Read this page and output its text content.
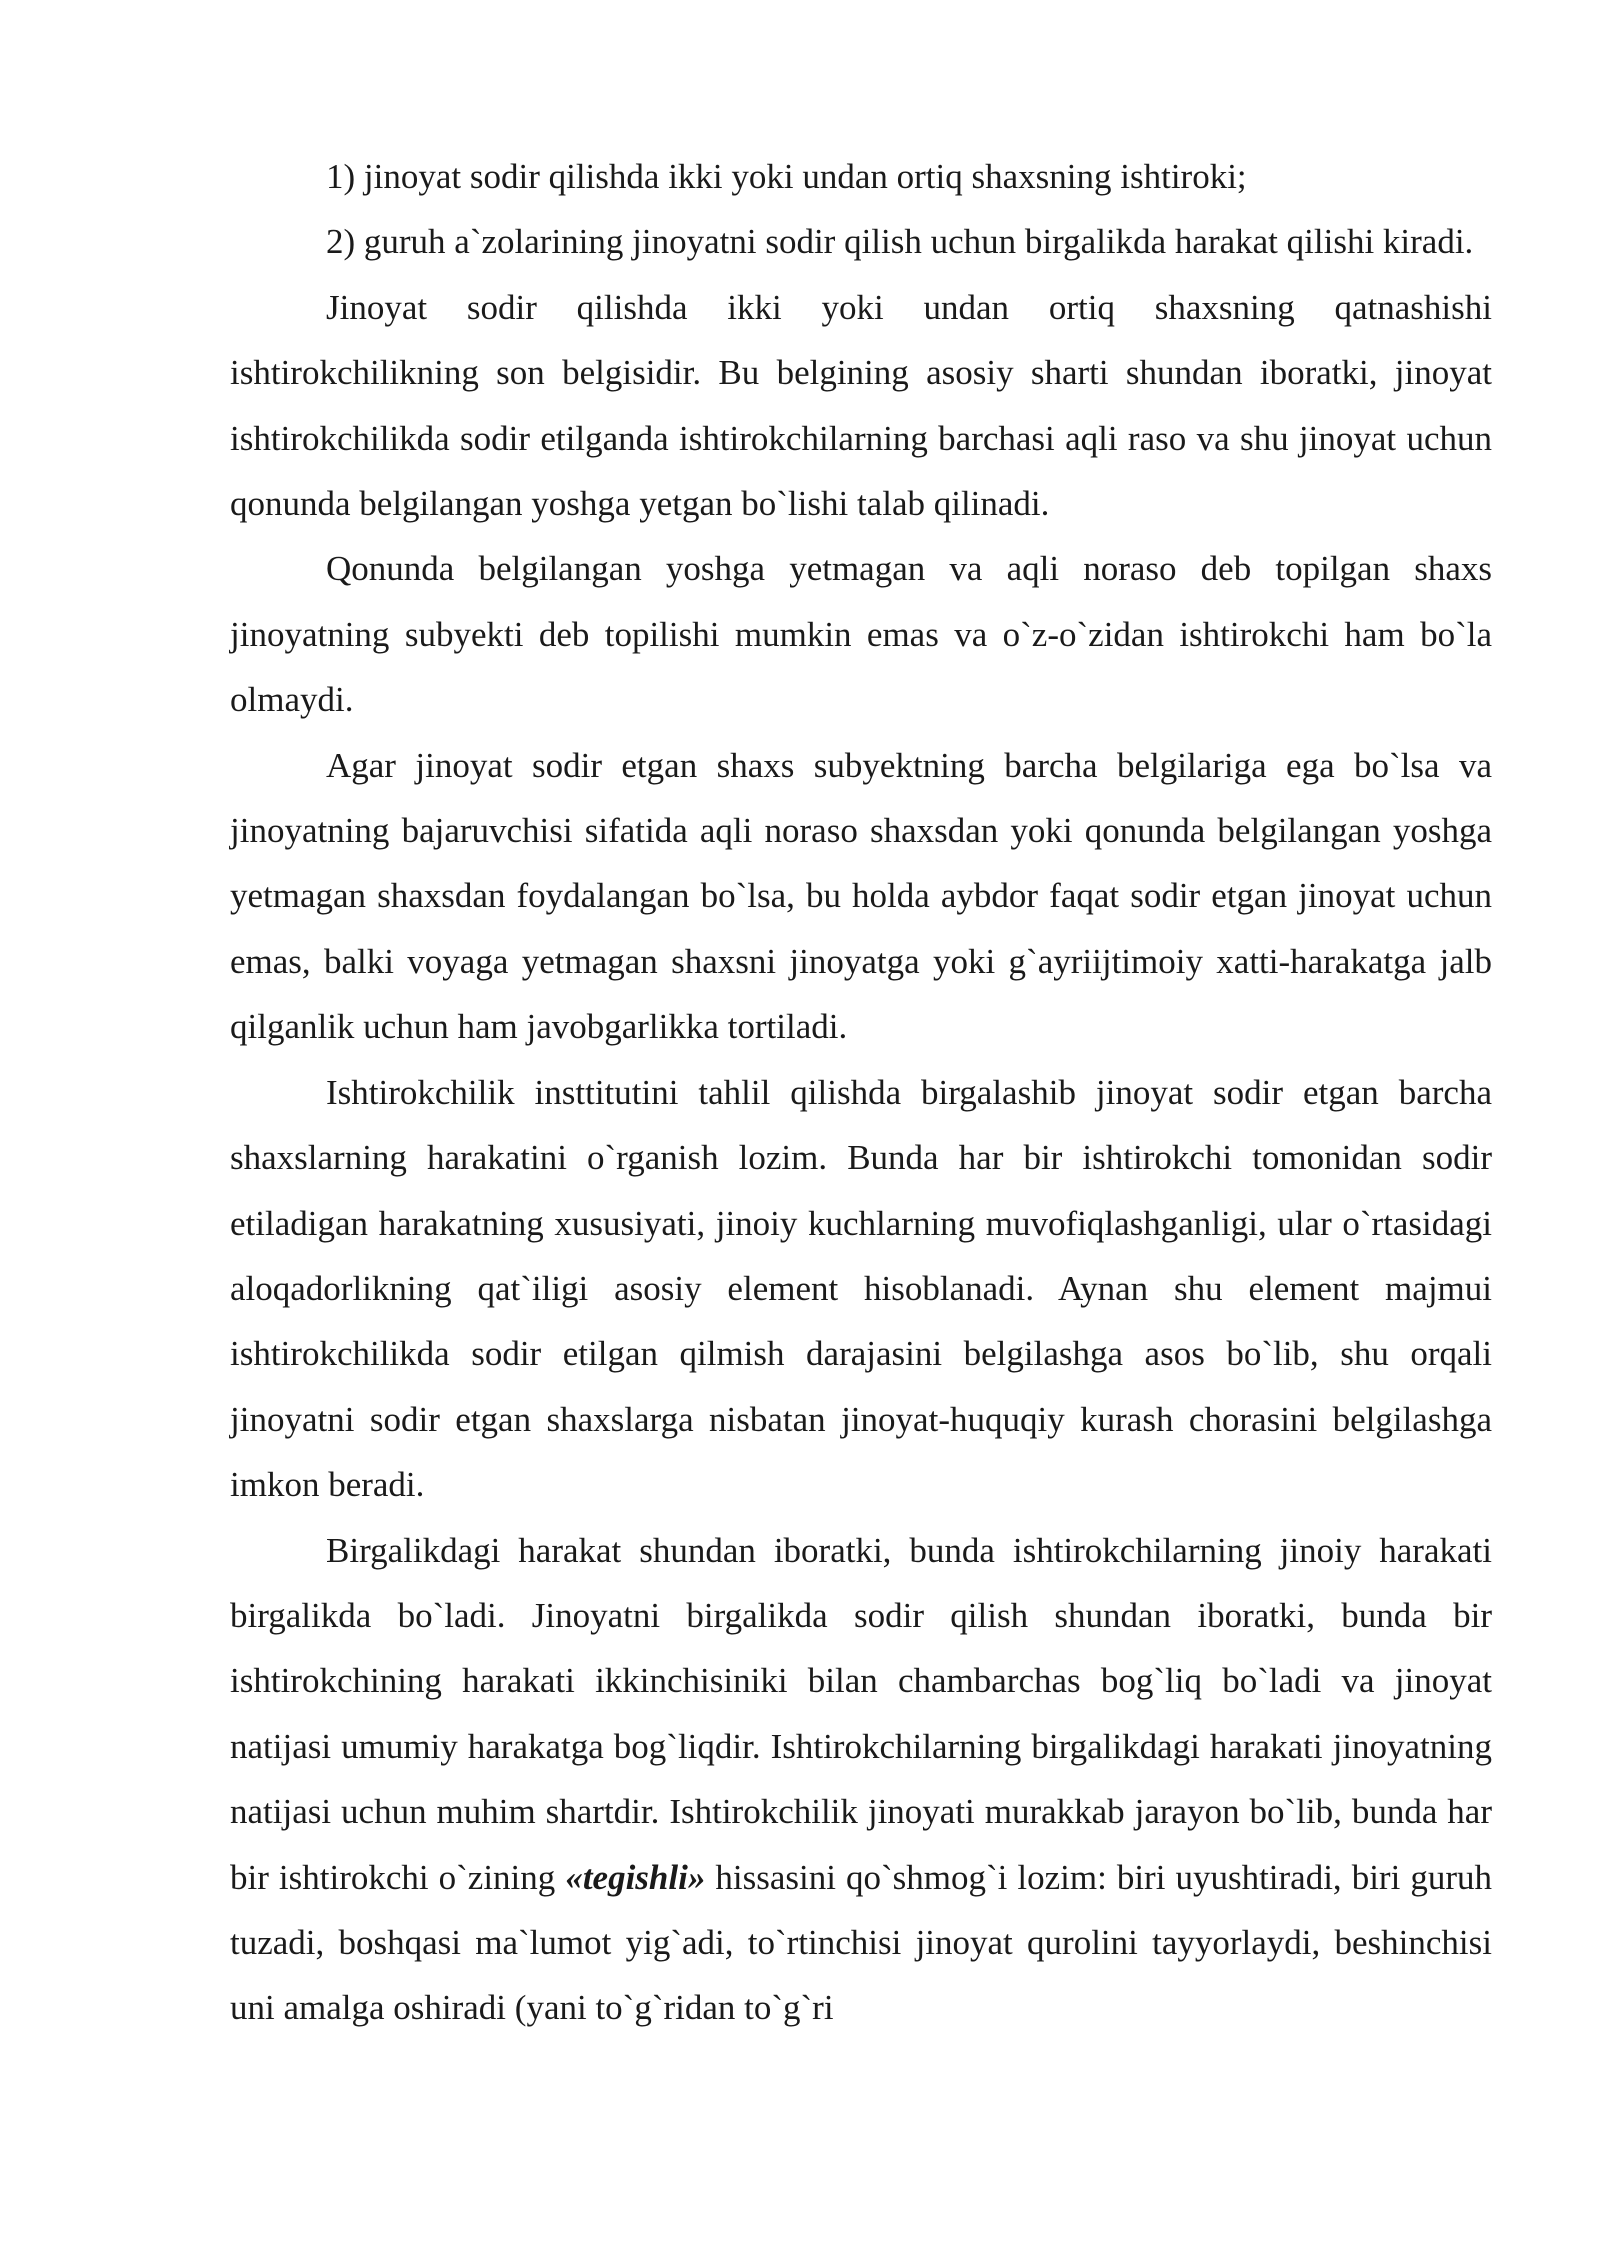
1) jinoyat sodir qilishda ikki yoki undan ortiq shaxsning ishtiroki;

2) guruh a`zolarining jinoyatni sodir qilish uchun birgalikda harakat qilishi kiradi.

Jinoyat sodir qilishda ikki yoki undan ortiq shaxsning qatnashishi ishtirokchilikning son belgisidir. Bu belgining asosiy sharti shundan iboratki, jinoyat ishtirokchilikda sodir etilganda ishtirokchilarning barchasi aqli raso va shu jinoyat uchun qonunda belgilangan yoshga yetgan bo`lishi talab qilinadi.

Qonunda belgilangan yoshga yetmagan va aqli noraso deb topilgan shaxs jinoyatning subyekti deb topilishi mumkin emas va o`z-o`zidan ishtirokchi ham bo`la olmaydi.

Agar jinoyat sodir etgan shaxs subyektning barcha belgilariga ega bo`lsa va jinoyatning bajaruvchisi sifatida aqli noraso shaxsdan yoki qonunda belgilangan yoshga yetmagan shaxsdan foydalangan bo`lsa, bu holda aybdor faqat sodir etgan jinoyat uchun emas, balki voyaga yetmagan shaxsni jinoyatga yoki g`ayriijtimoiy xatti-harakatga jalb qilganlik uchun ham javobgarlikka tortiladi.

Ishtirokchilik insttitutini tahlil qilishda birgalashib jinoyat sodir etgan barcha shaxslarning harakatini o`rganish lozim. Bunda har bir ishtirokchi tomonidan sodir etiladigan harakatning xususiyati, jinoiy kuchlarning muvofiqlashganligi, ular o`rtasidagi aloqadorlikning qat`iligi asosiy element hisoblanadi. Aynan shu element majmui ishtirokchilikda sodir etilgan qilmish darajasini belgilashga asos bo`lib, shu orqali jinoyatni sodir etgan shaxslarga nisbatan jinoyat-huquqiy kurash chorasini belgilashga imkon beradi.

Birgalikdagi harakat shundan iboratki, bunda ishtirokchilarning jinoiy harakati birgalikda bo`ladi. Jinoyatni birgalikda sodir qilish shundan iboratki, bunda bir ishtirokchining harakati ikkinchisiniki bilan chambarchas bog`liq bo`ladi va jinoyat natijasi umumiy harakatga bog`liqdir. Ishtirokchilarning birgalikdagi harakati jinoyatning natijasi uchun muhim shartdir. Ishtirokchilik jinoyati murakkab jarayon bo`lib, bunda har bir ishtirokchi o`zining «tegishli» hissasini qo`shmog`i lozim: biri uyushtiradi, biri guruh tuzadi, boshqasi ma`lumot yig`adi, to`rtinchisi jinoyat qurolini tayyorlaydi, beshinchisi uni amalga oshiradi (yani to`g`ridan to`g`ri
